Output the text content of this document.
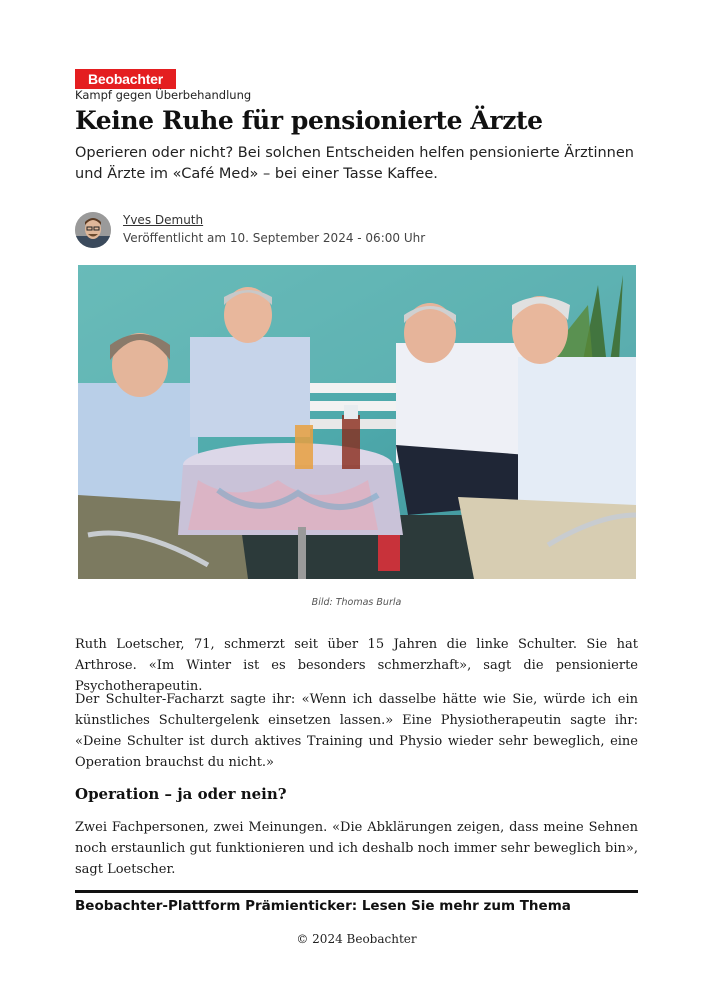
Beobachter
Kampf gegen Überbehandlung
Keine Ruhe für pensionierte Ärzte

Operieren oder nicht? Bei solchen Entscheiden helfen pensionierte Ärztinnen und Ärzte im «Café Med» – bei einer Tasse Kaffee.

Yves Demuth
Veröffentlicht am 10. September 2024 - 06:00 Uhr
Bild: Thomas Burla

Ruth Loetscher, 71, schmerzt seit über 15 Jahren die linke Schulter. Sie hat Arthrose. «Im Winter ist es besonders schmerzhaft», sagt die pensionierte Psychotherapeutin.

Der Schulter-Facharzt sagte ihr: «Wenn ich dasselbe hätte wie Sie, würde ich ein künstliches Schultergelenk einsetzen lassen.» Eine Physiotherapeutin sagte ihr: «Deine Schulter ist durch aktives Training und Physio wieder sehr beweglich, eine Operation brauchst du nicht.»

Operation – ja oder nein?

Zwei Fachpersonen, zwei Meinungen. «Die Abklärungen zeigen, dass meine Sehnen noch erstaunlich gut funktionieren und ich deshalb noch immer sehr beweglich bin», sagt Loetscher.

Beobachter-Plattform Prämienticker: Lesen Sie mehr zum Thema
© 2024 Beobachter
